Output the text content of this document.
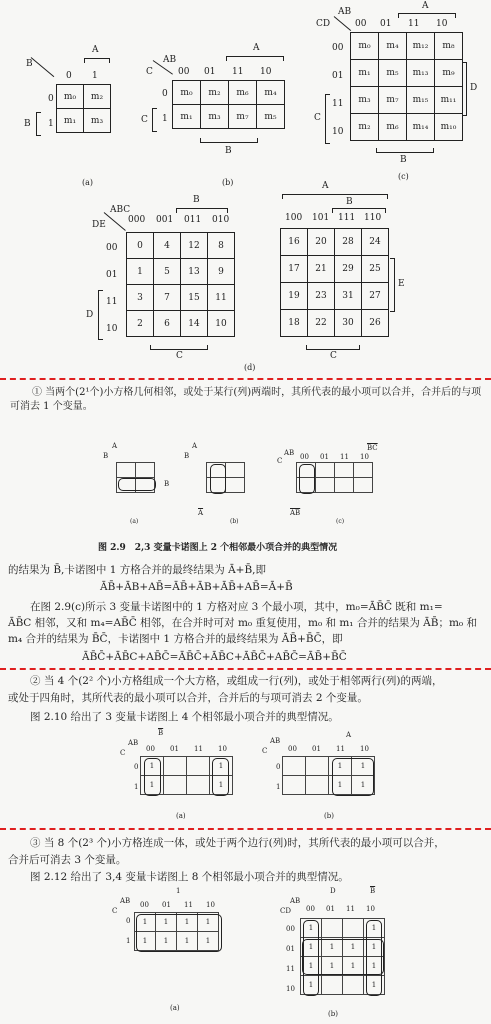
B
A
0 1
0
1
B
m₀	m₂
m₁	m₃
(a)
AB
C
A
00 01 11 10
0
1
C
m₀	m₂	m₆	m₄
m₁	m₃	m₇	m₅
B
(b)
AB
CD
A
00 01 11 10
00
01
11
10
C
m₀	m₄	m₁₂	m₈
m₁	m₅	m₁₃	m₉
m₃	m₇	m₁₅	m₁₁
m₂	m₆	m₁₄	m₁₀
D
B
(c)
ABC
DE
B
000 001 011 010
00
01
11
10
D
0	4	12	8
1	5	13	9
3	7	15	11
2	6	14	10
C
A
B
100 101 111 110
16	20	28	24
17	21	29	25
19	23	31	27
18	22	30	26
E
C
(d)

① 当两个(2¹个)小方格几何相邻，或处于某行(列)两端时，其所代表的最小项可以合并，合并后的与项可消去 1 个变量。

A
B
B

(a)
A
B

$\overline{A}$
(b)
$\overline{BC}$
AB
C	00 01 11 10

$\overline{AB}$
(c)

图 2.9　2,3 变量卡诺图上 2 个相邻最小项合并的典型情况

的结果为 B̄,卡诺图中 1 方格合并的最终结果为 Ā+B̄,即

ĀB̄+ĀB+AB̄=ĀB̄+ĀB+ĀB̄+AB̄=Ā+B̄

在图 2.9(c)所示 3 变量卡诺图中的 1 方格对应 3 个最小项，其中，m₀=ĀB̄C̄ 既和 m₁=

ĀB̄C 相邻，又和 m₄=AB̄C̄ 相邻，在合并时可对 m₀ 重复使用，m₀ 和 m₁ 合并的结果为 ĀB̄；m₀ 和

m₄ 合并的结果为 B̄C̄，卡诺图中 1 方格合并的最终结果为 ĀB̄+B̄C̄，即

ĀB̄C̄+ĀB̄C+AB̄C̄=ĀB̄C̄+ĀB̄C+ĀB̄C̄+AB̄C̄=ĀB̄+B̄C̄

② 当 4 个(2² 个)小方格组成一个大方格，或组成一行(列)，或处于相邻两行(列)的两端，

或处于四角时，其所代表的最小项可以合并，合并后的与项可消去 2 个变量。

图 2.10 给出了 3 变量卡诺图上 4 个相邻最小项合并的典型情况。

$\overline{B}$
AB
C	00 01 11 10
0
1
1			1
1			1
(a)
AB
C
A
00 01 11 10
0
1
		1	1
		1	1
(b)

③ 当 8 个(2³ 个)小方格连成一体，或处于两个边行(列)时，其所代表的最小项可以合并，

合并后可消去 3 个变量。

图 2.12 给出了 3,4 变量卡诺图上 8 个相邻最小项合并的典型情况。

1
AB
C
00 01 11 10
0
1
1	1	1	1
1	1	1	1
(a)
AB
CD
D	$\overline{B}$
00 01 11 10
00
01
11
10
1			1
1	1	1	1
1	1	1	1
1			1
(b)
